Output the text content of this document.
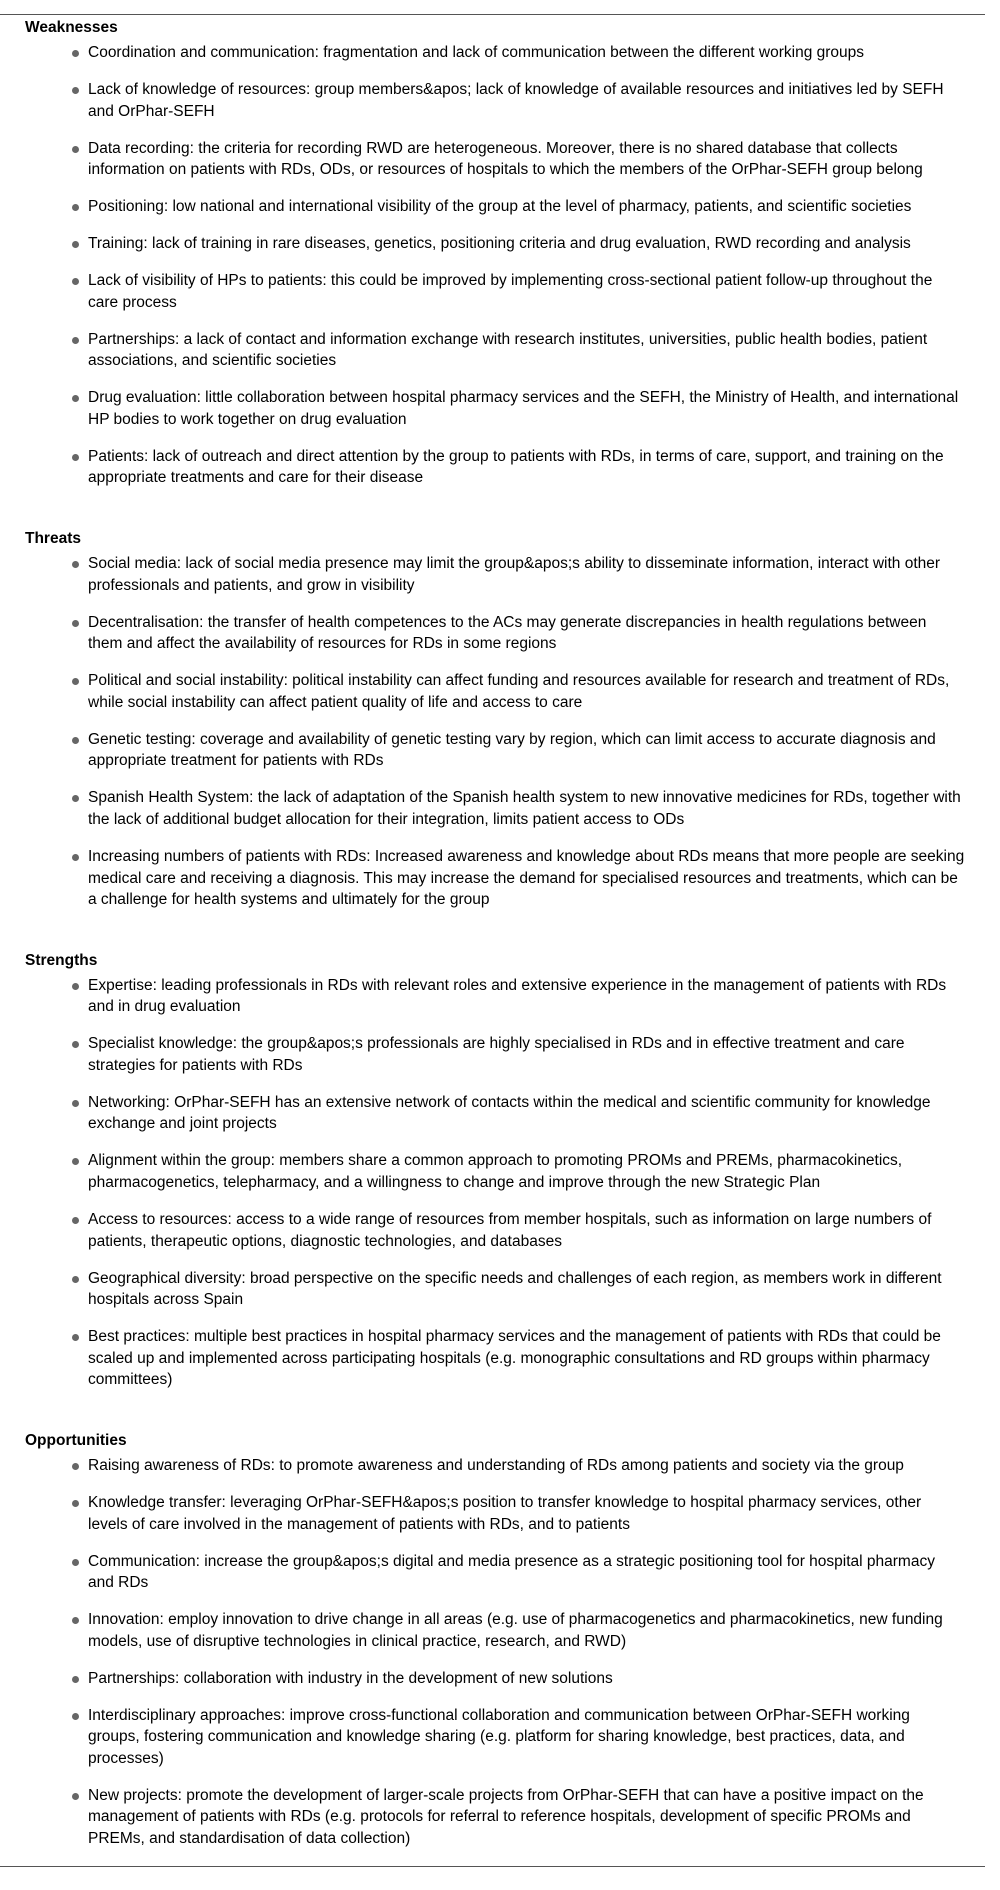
Weaknesses
Coordination and communication: fragmentation and lack of communication between the different working groups
Lack of knowledge of resources: group members&apos; lack of knowledge of available resources and initiatives led by SEFH and OrPhar-SEFH
Data recording: the criteria for recording RWD are heterogeneous. Moreover, there is no shared database that collects information on patients with RDs, ODs, or resources of hospitals to which the members of the OrPhar-SEFH group belong
Positioning: low national and international visibility of the group at the level of pharmacy, patients, and scientific societies
Training: lack of training in rare diseases, genetics, positioning criteria and drug evaluation, RWD recording and analysis
Lack of visibility of HPs to patients: this could be improved by implementing cross-sectional patient follow-up throughout the care process
Partnerships: a lack of contact and information exchange with research institutes, universities, public health bodies, patient associations, and scientific societies
Drug evaluation: little collaboration between hospital pharmacy services and the SEFH, the Ministry of Health, and international HP bodies to work together on drug evaluation
Patients: lack of outreach and direct attention by the group to patients with RDs, in terms of care, support, and training on the appropriate treatments and care for their disease
Threats
Social media: lack of social media presence may limit the group&apos;s ability to disseminate information, interact with other professionals and patients, and grow in visibility
Decentralisation: the transfer of health competences to the ACs may generate discrepancies in health regulations between them and affect the availability of resources for RDs in some regions
Political and social instability: political instability can affect funding and resources available for research and treatment of RDs, while social instability can affect patient quality of life and access to care
Genetic testing: coverage and availability of genetic testing vary by region, which can limit access to accurate diagnosis and appropriate treatment for patients with RDs
Spanish Health System: the lack of adaptation of the Spanish health system to new innovative medicines for RDs, together with the lack of additional budget allocation for their integration, limits patient access to ODs
Increasing numbers of patients with RDs: Increased awareness and knowledge about RDs means that more people are seeking medical care and receiving a diagnosis. This may increase the demand for specialised resources and treatments, which can be a challenge for health systems and ultimately for the group
Strengths
Expertise: leading professionals in RDs with relevant roles and extensive experience in the management of patients with RDs and in drug evaluation
Specialist knowledge: the group&apos;s professionals are highly specialised in RDs and in effective treatment and care strategies for patients with RDs
Networking: OrPhar-SEFH has an extensive network of contacts within the medical and scientific community for knowledge exchange and joint projects
Alignment within the group: members share a common approach to promoting PROMs and PREMs, pharmacokinetics, pharmacogenetics, telepharmacy, and a willingness to change and improve through the new Strategic Plan
Access to resources: access to a wide range of resources from member hospitals, such as information on large numbers of patients, therapeutic options, diagnostic technologies, and databases
Geographical diversity: broad perspective on the specific needs and challenges of each region, as members work in different hospitals across Spain
Best practices: multiple best practices in hospital pharmacy services and the management of patients with RDs that could be scaled up and implemented across participating hospitals (e.g. monographic consultations and RD groups within pharmacy committees)
Opportunities
Raising awareness of RDs: to promote awareness and understanding of RDs among patients and society via the group
Knowledge transfer: leveraging OrPhar-SEFH&apos;s position to transfer knowledge to hospital pharmacy services, other levels of care involved in the management of patients with RDs, and to patients
Communication: increase the group&apos;s digital and media presence as a strategic positioning tool for hospital pharmacy and RDs
Innovation: employ innovation to drive change in all areas (e.g. use of pharmacogenetics and pharmacokinetics, new funding models, use of disruptive technologies in clinical practice, research, and RWD)
Partnerships: collaboration with industry in the development of new solutions
Interdisciplinary approaches: improve cross-functional collaboration and communication between OrPhar-SEFH working groups, fostering communication and knowledge sharing (e.g. platform for sharing knowledge, best practices, data, and processes)
New projects: promote the development of larger-scale projects from OrPhar-SEFH that can have a positive impact on the management of patients with RDs (e.g. protocols for referral to reference hospitals, development of specific PROMs and PREMs, and standardisation of data collection)
